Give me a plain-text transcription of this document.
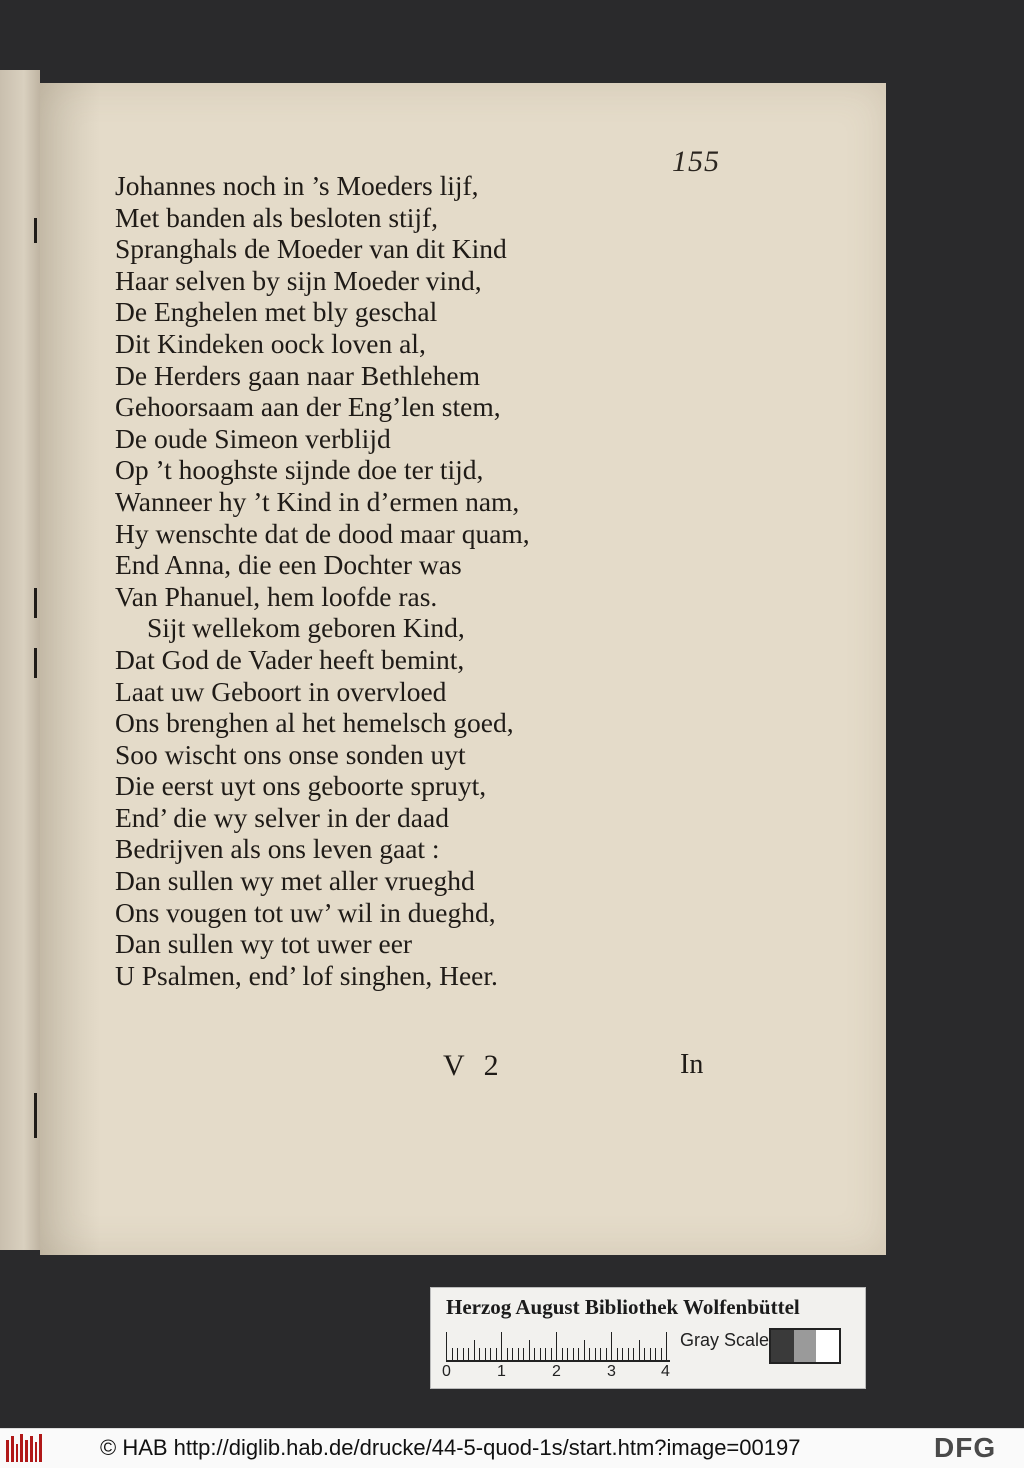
155
Johannes noch in ’s Moeders lijf,
Met banden als besloten stijf,
Spranghals de Moeder van dit Kind
Haar selven by sijn Moeder vind,
De Enghelen met bly geschal
Dit Kindeken oock loven al,
De Herders gaan naar Bethlehem
Gehoorsaam aan der Eng’len stem,
De oude Simeon verblijd
Op ’t hooghste sijnde doe ter tijd,
Wanneer hy ’t Kind in d’ermen nam,
Hy wenschte dat de dood maar quam,
End Anna, die een Dochter was
Van Phanuel, hem loofde ras.
Sijt wellekom geboren Kind,
Dat God de Vader heeft bemint,
Laat uw Geboort in overvloed
Ons brenghen al het hemelsch goed,
Soo wischt ons onse sonden uyt
Die eerst uyt ons geboorte spruyt,
End’ die wy selver in der daad
Bedrijven als ons leven gaat :
Dan sullen wy met aller vrueghd
Ons vougen tot uw’ wil in dueghd,
Dan sullen wy tot uwer eer
U Psalmen, end’ lof singhen, Heer.
V 2	In
Herzog August Bibliothek Wolfenbüttel
0	1	2	3	4
Gray Scale
© HAB http://diglib.hab.de/drucke/44-5-quod-1s/start.htm?image=00197	DFG
